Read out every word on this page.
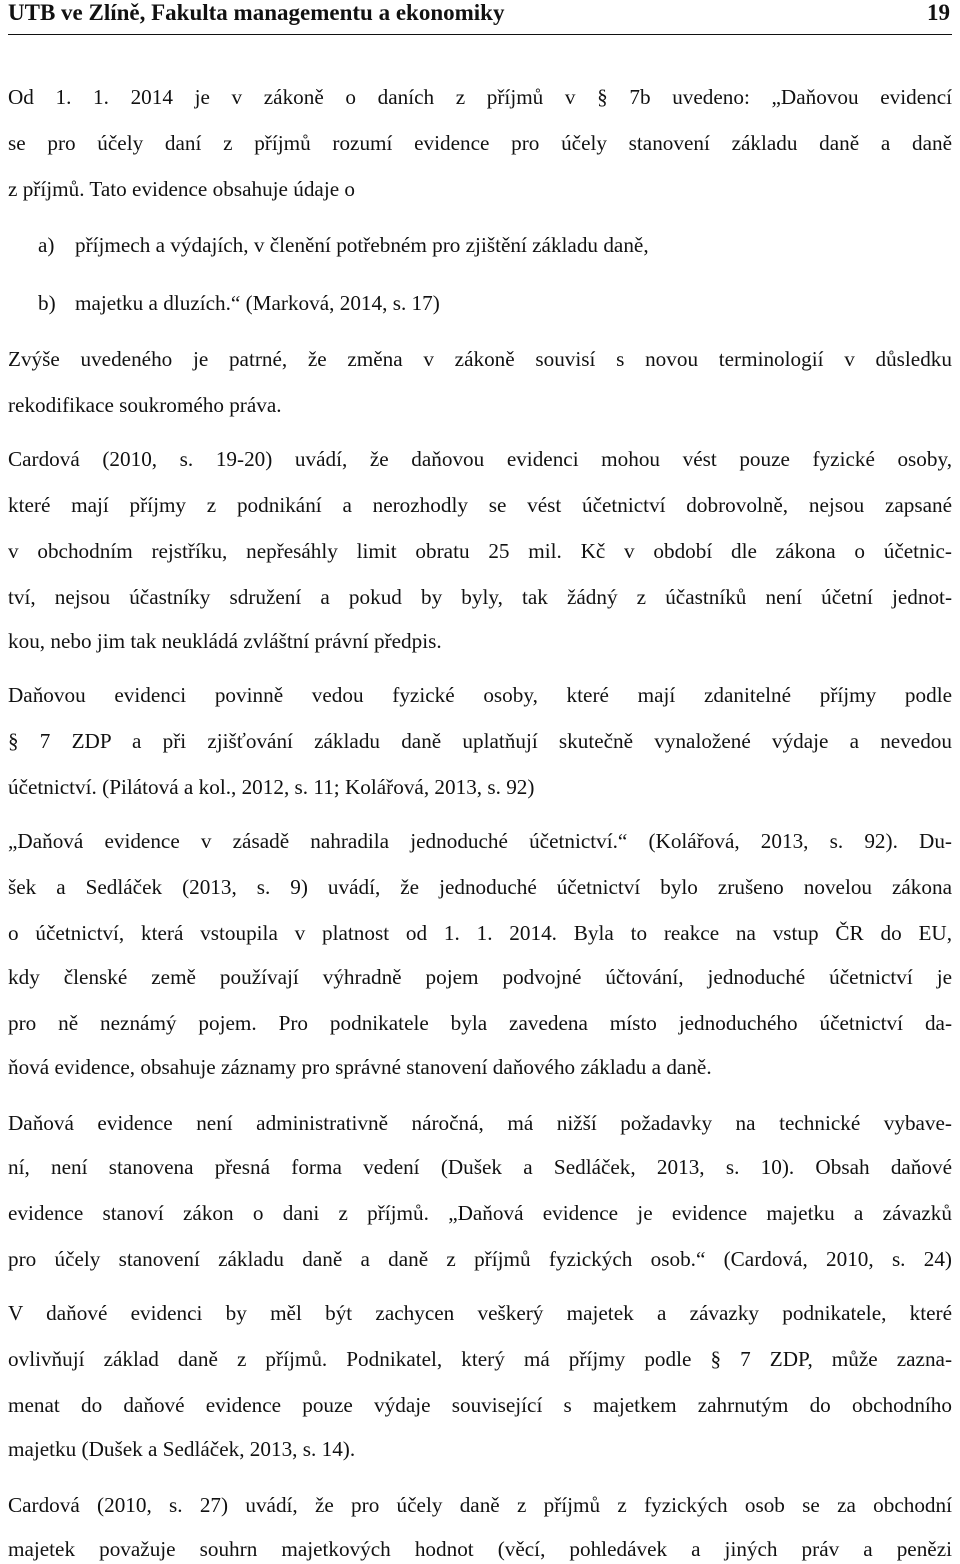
UTB ve Zlíně, Fakulta managementu a ekonomiky	19
Od 1. 1. 2014 je v zákoně o daních z příjmů v § 7b uvedeno: „Daňovou evidencí
se pro účely daní z příjmů rozumí evidence pro účely stanovení základu daně a daně
z příjmů. Tato evidence obsahuje údaje o
a) příjmech a výdajích, v členění potřebném pro zjištění základu daně,
b) majetku a dluzích.“ (Marková, 2014, s. 17)
Zvýše uvedeného je patrné, že změna v zákoně souvisí s novou terminologií v důsledku
rekodifikace soukromého práva.
Cardová (2010, s. 19-20) uvádí, že daňovou evidenci mohou vést pouze fyzické osoby,
které mají příjmy z podnikání a nerozhodly se vést účetnictví dobrovolně, nejsou zapsané
v obchodním rejstříku, nepřesáhly limit obratu 25 mil. Kč v období dle zákona o účetnic-
tví, nejsou účastníky sdružení a pokud by byly, tak žádný z účastníků není účetní jednot-
kou, nebo jim tak neukládá zvláštní právní předpis.
Daňovou evidenci povinně vedou fyzické osoby, které mají zdanitelné příjmy podle
§ 7 ZDP a při zjišťování základu daně uplatňují skutečně vynaložené výdaje a nevedou
účetnictví. (Pilátová a kol., 2012, s. 11; Kolářová, 2013, s. 92)
„Daňová evidence v zásadě nahradila jednoduché účetnictví.“ (Kolářová, 2013, s. 92). Du-
šek a Sedláček (2013, s. 9) uvádí, že jednoduché účetnictví bylo zrušeno novelou zákona
o účetnictví, která vstoupila v platnost od 1. 1. 2014. Byla to reakce na vstup ČR do EU,
kdy členské země používají výhradně pojem podvojné účtování, jednoduché účetnictví je
pro ně neznámý pojem. Pro podnikatele byla zavedena místo jednoduchého účetnictví da-
ňová evidence, obsahuje záznamy pro správné stanovení daňového základu a daně.
Daňová evidence není administrativně náročná, má nižší požadavky na technické vybave-
ní, není stanovena přesná forma vedení (Dušek a Sedláček, 2013, s. 10). Obsah daňové
evidence stanoví zákon o dani z příjmů. „Daňová evidence je evidence majetku a závazků
pro účely stanovení základu daně a daně z příjmů fyzických osob.“ (Cardová, 2010, s. 24)
V daňové evidenci by měl být zachycen veškerý majetek a závazky podnikatele, které
ovlivňují základ daně z příjmů. Podnikatel, který má příjmy podle § 7 ZDP, může zazna-
menat do daňové evidence pouze výdaje související s majetkem zahrnutým do obchodního
majetku (Dušek a Sedláček, 2013, s. 14).
Cardová (2010, s. 27) uvádí, že pro účely daně z příjmů z fyzických osob se za obchodní
majetek považuje souhrn majetkových hodnot (věcí, pohledávek a jiných práv a penězi
